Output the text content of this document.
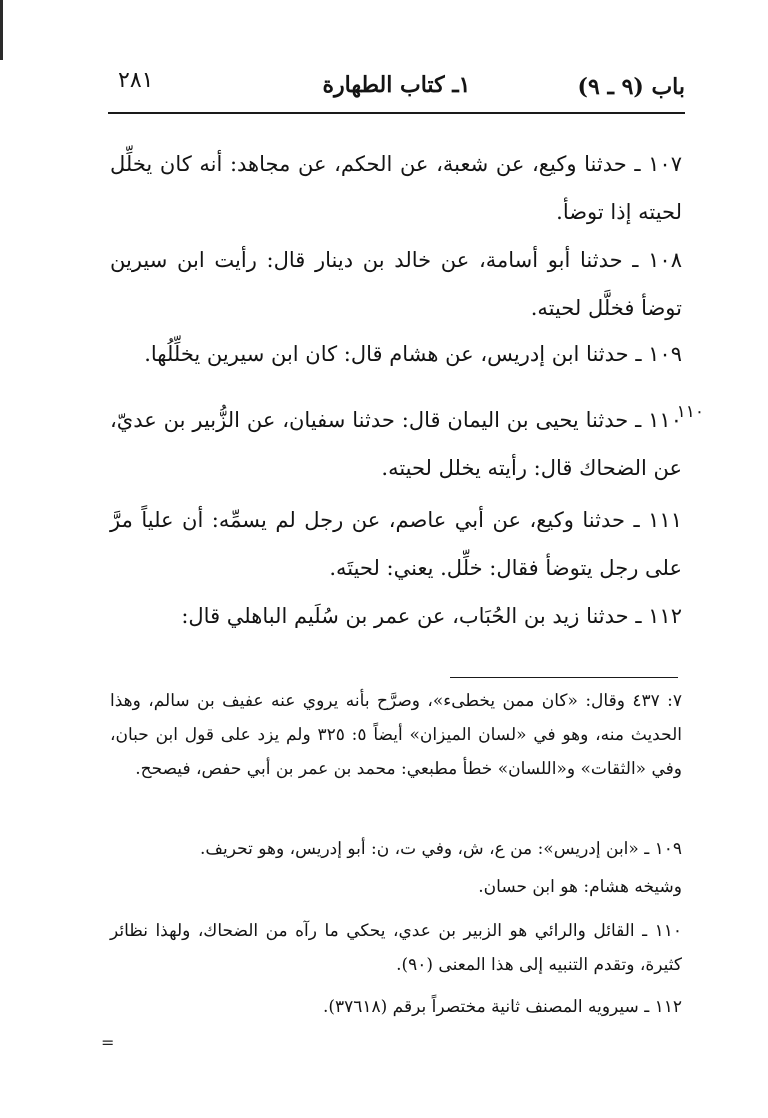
باب (٩ ـ ٩)
١ـ كتاب الطهارة
٢٨١

١٠٧ ـ حدثنا وكيع، عن شعبة، عن الحكم، عن مجاهد: أنه كان يخلِّل لحيته إذا توضأ.

١٠٨ ـ حدثنا أبو أسامة، عن خالد بن دينار قال: رأيت ابن سيرين توضأ فخلَّل لحيته.

١٠٩ ـ حدثنا ابن إدريس، عن هشام قال: كان ابن سيرين يخلِّلُها.

١١٠

١١٠ ـ حدثنا يحيى بن اليمان قال: حدثنا سفيان، عن الزُّبير بن عديّ، عن الضحاك قال: رأيته يخلل لحيته.

١١١ ـ حدثنا وكيع، عن أبي عاصم، عن رجل لم يسمِّه: أن علياً مرَّ على رجل يتوضأ فقال: خلِّل. يعني: لحيتَه.

١١٢ ـ حدثنا زيد بن الحُبَاب، عن عمر بن سُلَيم الباهلي قال:

٧: ٤٣٧ وقال: «كان ممن يخطىء»، وصرَّح بأنه يروي عنه عفيف بن سالم، وهذا الحديث منه، وهو في «لسان الميزان» أيضاً ٥: ٣٢٥ ولم يزد على قول ابن حبان، وفي «الثقات» و«اللسان» خطأ مطبعي: محمد بن عمر بن أبي حفص، فيصحح.

١٠٩ ـ «ابن إدريس»: من ع، ش، وفي ت، ن: أبو إدريس، وهو تحريف.

وشيخه هشام: هو ابن حسان.

١١٠ ـ القائل والرائي هو الزبير بن عدي، يحكي ما رآه من الضحاك، ولهذا نظائر كثيرة، وتقدم التنبيه إلى هذا المعنى (٩٠).

١١٢ ـ سيرويه المصنف ثانية مختصراً برقم (٣٧٦١٨).

=
